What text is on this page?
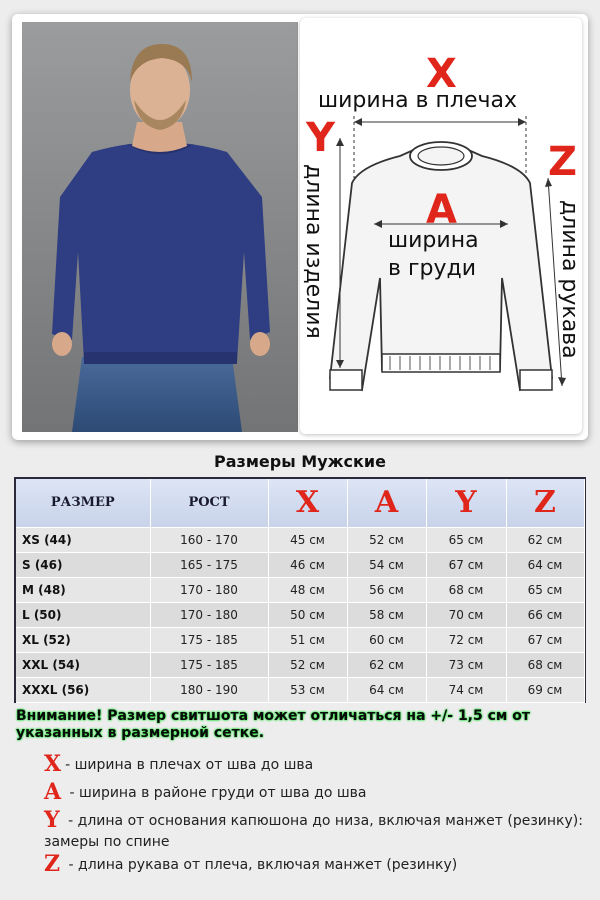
X
ширина в плечах
Y
длина изделия
Z
длина рукава
A
ширина
в груди
Размеры Мужские
РАЗМЕР	РОСТ	X	A	Y	Z
XS (44)	160 - 170	45 см	52 см	65 см	62 см
S (46)	165 - 175	46 см	54 см	67 см	64 см
M (48)	170 - 180	48 см	56 см	68 см	65 см
L (50)	170 - 180	50 см	58 см	70 см	66 см
XL (52)	175 - 185	51 см	60 см	72 см	67 см
XXL (54)	175 - 185	52 см	62 см	73 см	68 см
XXXL (56)	180 - 190	53 см	64 см	74 см	69 см
Внимание! Размер свитшота может отличаться на +/- 1,5 см от указанных в размерной сетке.
X - ширина в плечах от шва до шва
A - ширина в районе груди от шва до шва
Y - длина от основания капюшона до низа, включая манжет (резинку): замеры по спине
Z - длина рукава от плеча, включая манжет (резинку)
